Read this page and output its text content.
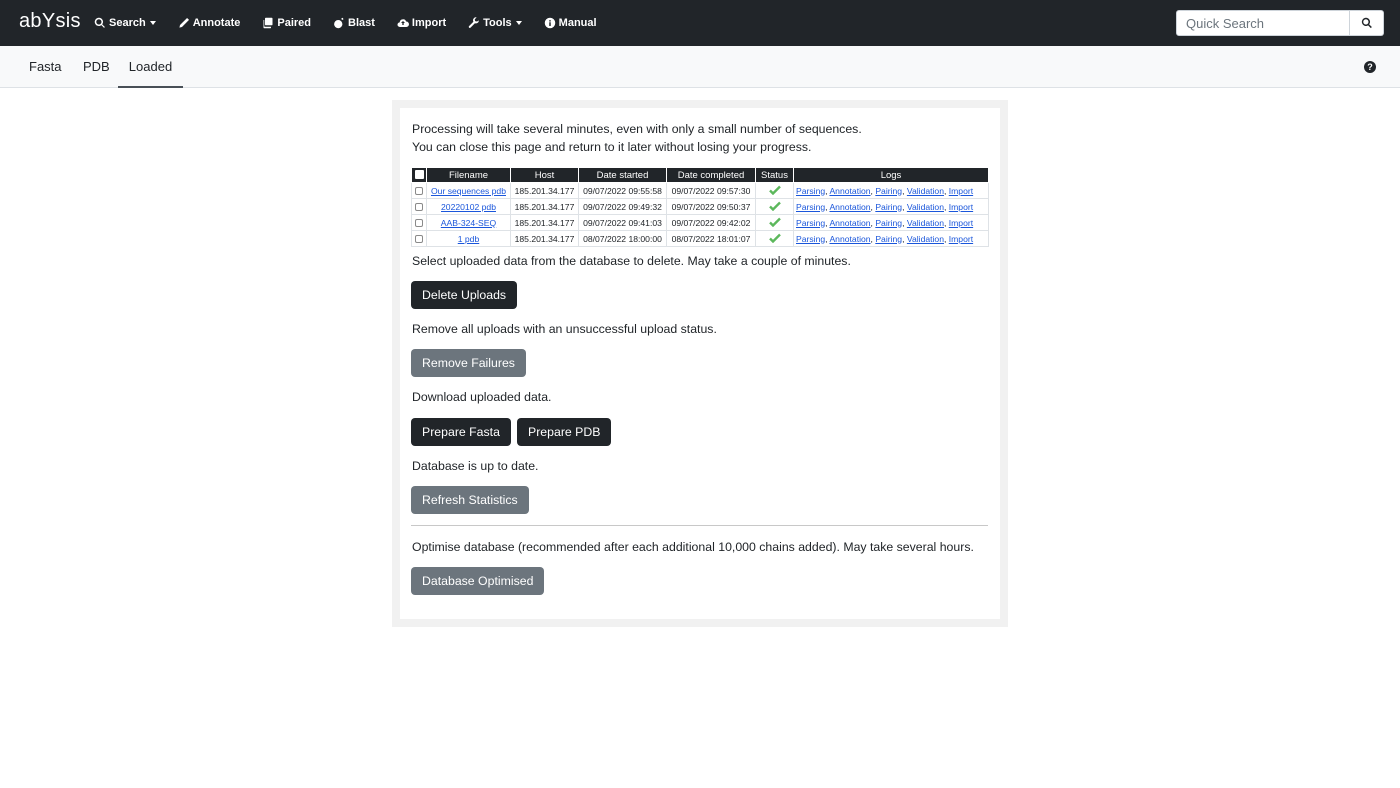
abYsis	Search	Annotate	Paired	Blast	Import	Tools	Manual
Quick Search
Fasta PDB	Loaded	?
Processing will take several minutes, even with only a small number of sequences.
You can close this page and return to it later without losing your progress.
	Filename	Host	Date started	Date completed	Status	Logs
	Our sequences pdb	185.201.34.177	09/07/2022 09:55:58	09/07/2022 09:57:30		Parsing, Annotation, Pairing, Validation, Import
	20220102 pdb	185.201.34.177	09/07/2022 09:49:32	09/07/2022 09:50:37		Parsing, Annotation, Pairing, Validation, Import
	AAB-324-SEQ	185.201.34.177	09/07/2022 09:41:03	09/07/2022 09:42:02		Parsing, Annotation, Pairing, Validation, Import
	1 pdb	185.201.34.177	08/07/2022 18:00:00	08/07/2022 18:01:07		Parsing, Annotation, Pairing, Validation, Import
Select uploaded data from the database to delete. May take a couple of minutes.
Delete Uploads
Remove all uploads with an unsuccessful upload status.
Remove Failures
Download uploaded data.
Prepare Fasta	Prepare PDB
Database is up to date.
Refresh Statistics
Optimise database (recommended after each additional 10,000 chains added). May take several hours.
Database Optimised
